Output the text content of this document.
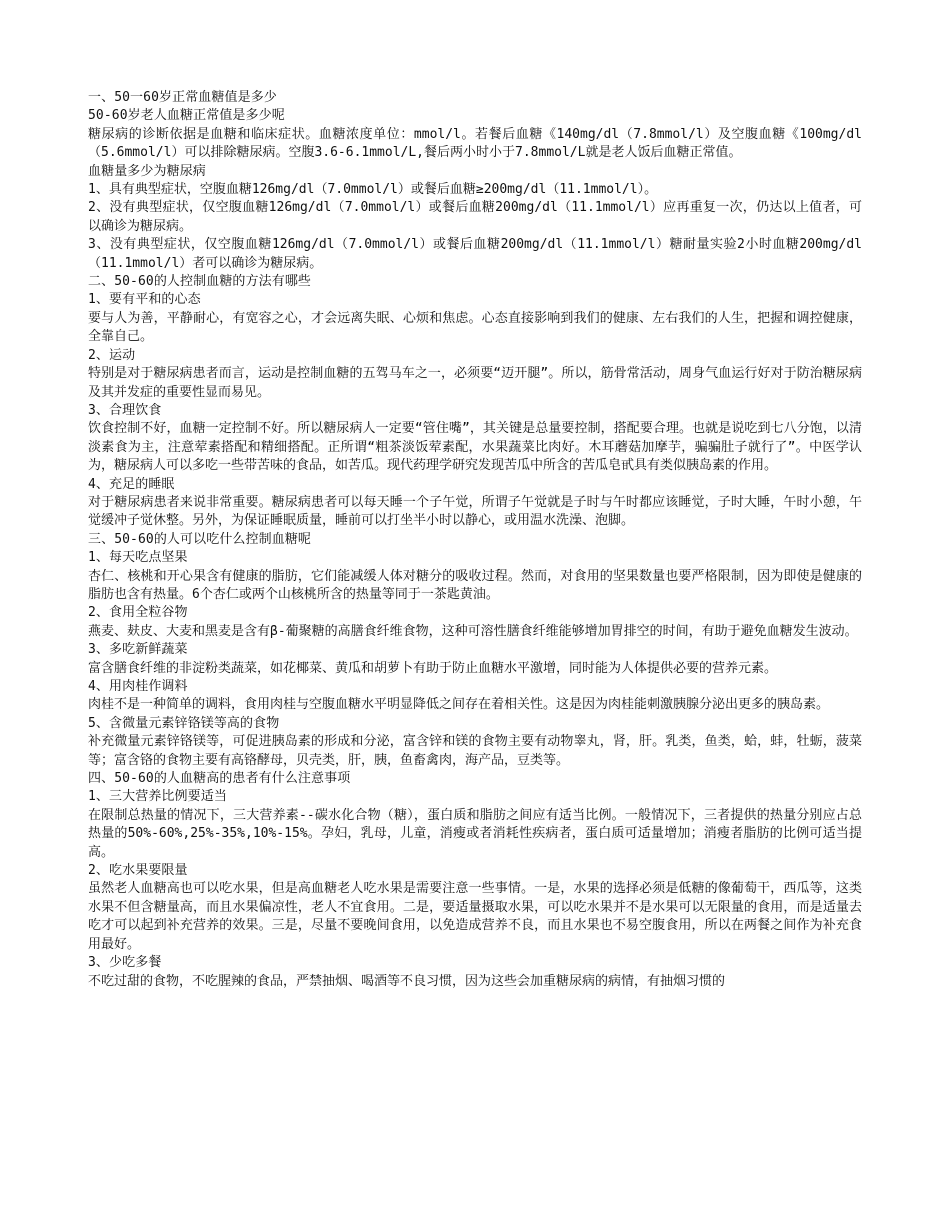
一、50一60岁正常血糖值是多少

50-60岁老人血糖正常值是多少呢

糖尿病的诊断依据是血糖和临床症状。血糖浓度单位：mmol/l。若餐后血糖《140mg/dl（7.8mmol/l）及空腹血糖《100mg/dl（5.6mmol/l）可以排除糖尿病。空腹3.6-6.1mmol/L,餐后两小时小于7.8mmol/L就是老人饭后血糖正常值。

血糖量多少为糖尿病

1、具有典型症状，空腹血糖126mg/dl（7.0mmol/l）或餐后血糖≥200mg/dl（11.1mmol/l）。

2、没有典型症状，仅空腹血糖126mg/dl（7.0mmol/l）或餐后血糖200mg/dl（11.1mmol/l）应再重复一次，仍达以上值者，可以确诊为糖尿病。

3、没有典型症状，仅空腹血糖126mg/dl（7.0mmol/l）或餐后血糖200mg/dl（11.1mmol/l）糖耐量实验2小时血糖200mg/dl（11.1mmol/l）者可以确诊为糖尿病。

二、50-60的人控制血糖的方法有哪些

1、要有平和的心态

要与人为善，平静耐心，有宽容之心，才会远离失眠、心烦和焦虑。心态直接影响到我们的健康、左右我们的人生，把握和调控健康，全靠自己。

2、运动

特别是对于糖尿病患者而言，运动是控制血糖的五驾马车之一，必须要“迈开腿”。所以，筋骨常活动，周身气血运行好对于防治糖尿病及其并发症的重要性显而易见。

3、合理饮食

饮食控制不好，血糖一定控制不好。所以糖尿病人一定要“管住嘴”，其关键是总量要控制，搭配要合理。也就是说吃到七八分饱，以清淡素食为主，注意荤素搭配和精细搭配。正所谓“粗茶淡饭荤素配，水果蔬菜比肉好。木耳蘑菇加摩芋，骗骗肚子就行了”。中医学认为，糖尿病人可以多吃一些带苦味的食品，如苦瓜。现代药理学研究发现苦瓜中所含的苦瓜皂甙具有类似胰岛素的作用。

4、充足的睡眠

对于糖尿病患者来说非常重要。糖尿病患者可以每天睡一个子午觉，所谓子午觉就是子时与午时都应该睡觉，子时大睡，午时小憩，午觉缓冲子觉休整。另外，为保证睡眠质量，睡前可以打坐半小时以静心，或用温水洗澡、泡脚。

三、50-60的人可以吃什么控制血糖呢

1、每天吃点坚果

杏仁、核桃和开心果含有健康的脂肪，它们能减缓人体对糖分的吸收过程。然而，对食用的坚果数量也要严格限制，因为即使是健康的脂肪也含有热量。6个杏仁或两个山核桃所含的热量等同于一茶匙黄油。

2、食用全粒谷物

燕麦、麸皮、大麦和黑麦是含有β-葡聚糖的高膳食纤维食物，这种可溶性膳食纤维能够增加胃排空的时间，有助于避免血糖发生波动。

3、多吃新鲜蔬菜

富含膳食纤维的非淀粉类蔬菜，如花椰菜、黄瓜和胡萝卜有助于防止血糖水平激增，同时能为人体提供必要的营养元素。

4、用肉桂作调料

肉桂不是一种简单的调料，食用肉桂与空腹血糖水平明显降低之间存在着相关性。这是因为肉桂能刺激胰腺分泌出更多的胰岛素。

5、含微量元素锌铬镁等高的食物

补充微量元素锌铬镁等，可促进胰岛素的形成和分泌，富含锌和镁的食物主要有动物睾丸，肾，肝。乳类，鱼类，蛤，蚌，牡蛎，菠菜等；富含铬的食物主要有高铬酵母，贝壳类，肝，胰，鱼畜禽肉，海产品，豆类等。

四、50-60的人血糖高的患者有什么注意事项

1、三大营养比例要适当

在限制总热量的情况下，三大营养素--碳水化合物（糖），蛋白质和脂肪之间应有适当比例。一般情况下，三者提供的热量分别应占总热量的50%-60%,25%-35%,10%-15%。孕妇，乳母，儿童，消瘦或者消耗性疾病者，蛋白质可适量增加；消瘦者脂肪的比例可适当提高。

2、吃水果要限量

虽然老人血糖高也可以吃水果，但是高血糖老人吃水果是需要注意一些事情。一是，水果的选择必须是低糖的像葡萄干，西瓜等，这类水果不但含糖量高，而且水果偏凉性，老人不宜食用。二是，要适量摄取水果，可以吃水果并不是水果可以无限量的食用，而是适量去吃才可以起到补充营养的效果。三是，尽量不要晚间食用，以免造成营养不良，而且水果也不易空腹食用，所以在两餐之间作为补充食用最好。

3、少吃多餐

不吃过甜的食物，不吃腥辣的食品，严禁抽烟、喝酒等不良习惯，因为这些会加重糖尿病的病情，有抽烟习惯的
